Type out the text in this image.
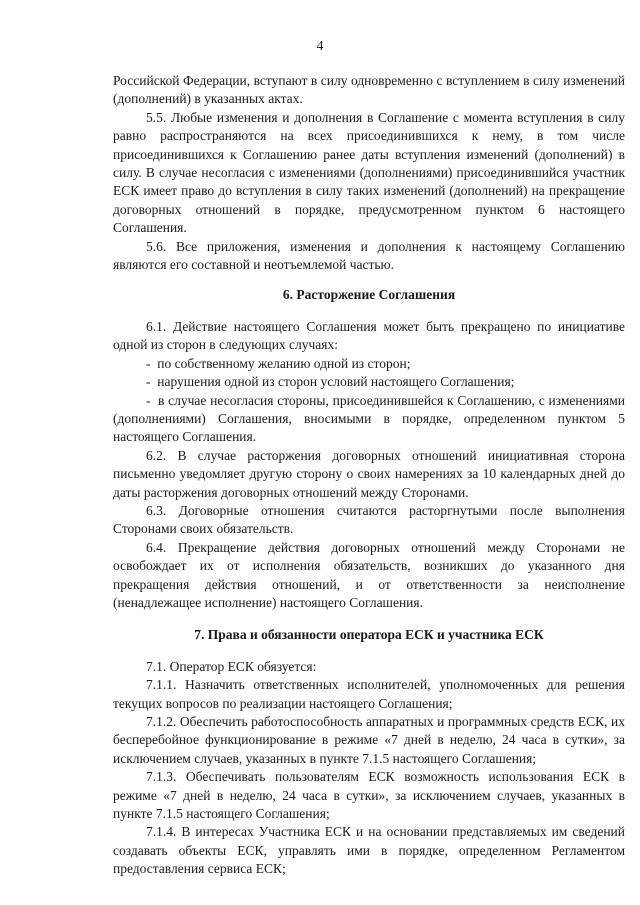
4

Российской Федерации, вступают в силу одновременно с вступлением в силу изменений (дополнений) в указанных актах.

5.5. Любые изменения и дополнения в Соглашение с момента вступления в силу равно распространяются на всех присоединившихся к нему, в том числе присоединившихся к Соглашению ранее даты вступления изменений (дополнений) в силу. В случае несогласия с изменениями (дополнениями) присоединившийся участник ЕСК имеет право до вступления в силу таких изменений (дополнений) на прекращение договорных отношений в порядке, предусмотренном пунктом 6 настоящего Соглашения.

5.6. Все приложения, изменения и дополнения к настоящему Соглашению являются его составной и неотъемлемой частью.

6. Расторжение Соглашения

6.1. Действие настоящего Соглашения может быть прекращено по инициативе одной из сторон в следующих случаях:

-  по собственному желанию одной из сторон;

-  нарушения одной из сторон условий настоящего Соглашения;

-  в случае несогласия стороны, присоединившейся к Соглашению, с изменениями (дополнениями) Соглашения, вносимыми в порядке, определенном пунктом 5 настоящего Соглашения.

6.2. В случае расторжения договорных отношений инициативная сторона письменно уведомляет другую сторону о своих намерениях за 10 календарных дней до даты расторжения договорных отношений между Сторонами.

6.3. Договорные отношения считаются расторгнутыми после выполнения Сторонами своих обязательств.

6.4. Прекращение действия договорных отношений между Сторонами не освобождает их от исполнения обязательств, возникших до указанного дня прекращения действия отношений, и от ответственности за неисполнение (ненадлежащее исполнение) настоящего Соглашения.

7. Права и обязанности оператора ЕСК и участника ЕСК

7.1. Оператор ЕСК обязуется:

7.1.1. Назначить ответственных исполнителей, уполномоченных для решения текущих вопросов по реализации настоящего Соглашения;

7.1.2. Обеспечить работоспособность аппаратных и программных средств ЕСК, их бесперебойное функционирование в режиме «7 дней в неделю, 24 часа в сутки», за исключением случаев, указанных в пункте 7.1.5 настоящего Соглашения;

7.1.3. Обеспечивать пользователям ЕСК возможность использования ЕСК в режиме «7 дней в неделю, 24 часа в сутки», за исключением случаев, указанных в пункте 7.1.5 настоящего Соглашения;

7.1.4. В интересах Участника ЕСК и на основании представляемых им сведений создавать объекты ЕСК, управлять ими в порядке, определенном Регламентом предоставления сервиса ЕСК;
